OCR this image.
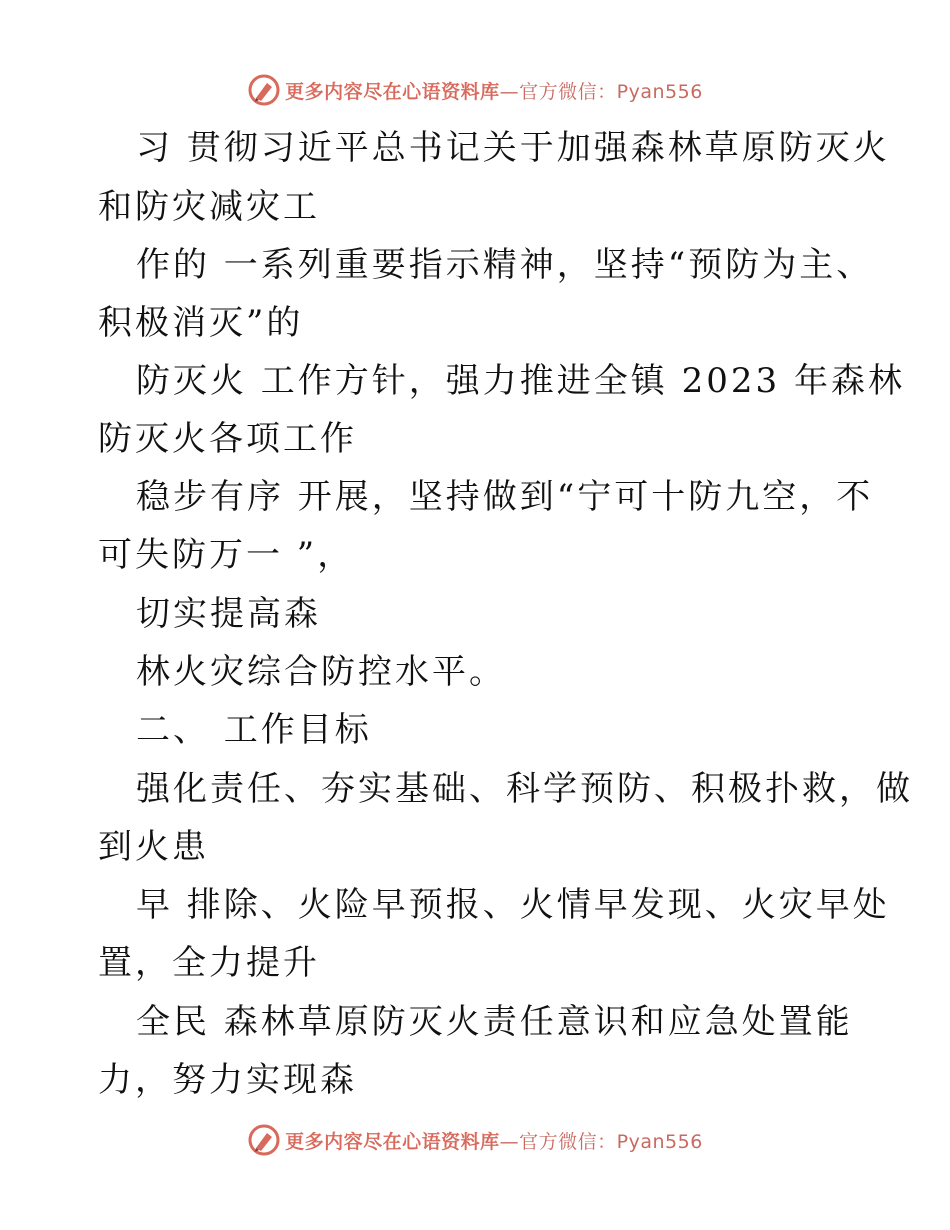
更多内容尽在心语资料库 —官方微信：Pyan556
习 贯彻习近平总书记关于加强森林草原防灭火
和防灾减灾工
作的 一系列重要指示精神，坚持“预防为主、
积极消灭”的
防灭火 工作方针，强力推进全镇 2023 年森林
防灭火各项工作
稳步有序 开展，坚持做到“宁可十防九空，不
可失防万一 ”，
切实提高森
林火灾综合防控水平。
二、 工作目标
强化责任、夯实基础、科学预防、积极扑救，做
到火患
早 排除、火险早预报、火情早发现、火灾早处
置，全力提升
全民 森林草原防灭火责任意识和应急处置能
力，努力实现森
更多内容尽在心语资料库 —官方微信：Pyan556
